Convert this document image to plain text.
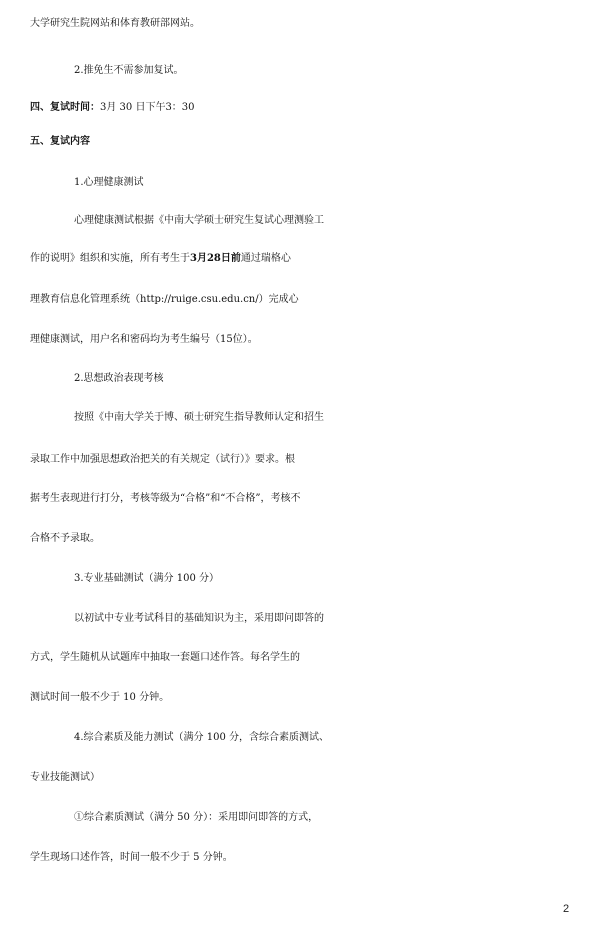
大学研究生院网站和体育教研部网站。
2.推免生不需参加复试。
四、复试时间：3月 30 日下午3：30
五、复试内容
1.心理健康测试
心理健康测试根据《中南大学硕士研究生复试心理测验工
作的说明》组织和实施，所有考生于3月28日前通过瑞格心
理教育信息化管理系统（http://ruige.csu.edu.cn/）完成心
理健康测试，用户名和密码均为考生编号（15位）。
2.思想政治表现考核
按照《中南大学关于博、硕士研究生指导教师认定和招生
录取工作中加强思想政治把关的有关规定（试行）》要求。根
据考生表现进行打分，考核等级为“合格”和“不合格”，考核不
合格不予录取。
3.专业基础测试（满分 100 分）
以初试中专业考试科目的基础知识为主，采用即问即答的
方式，学生随机从试题库中抽取一套题口述作答。每名学生的
测试时间一般不少于 10 分钟。
4.综合素质及能力测试（满分 100 分，含综合素质测试、
专业技能测试）
①综合素质测试（满分 50 分）：采用即问即答的方式，
学生现场口述作答，时间一般不少于 5 分钟。
2
